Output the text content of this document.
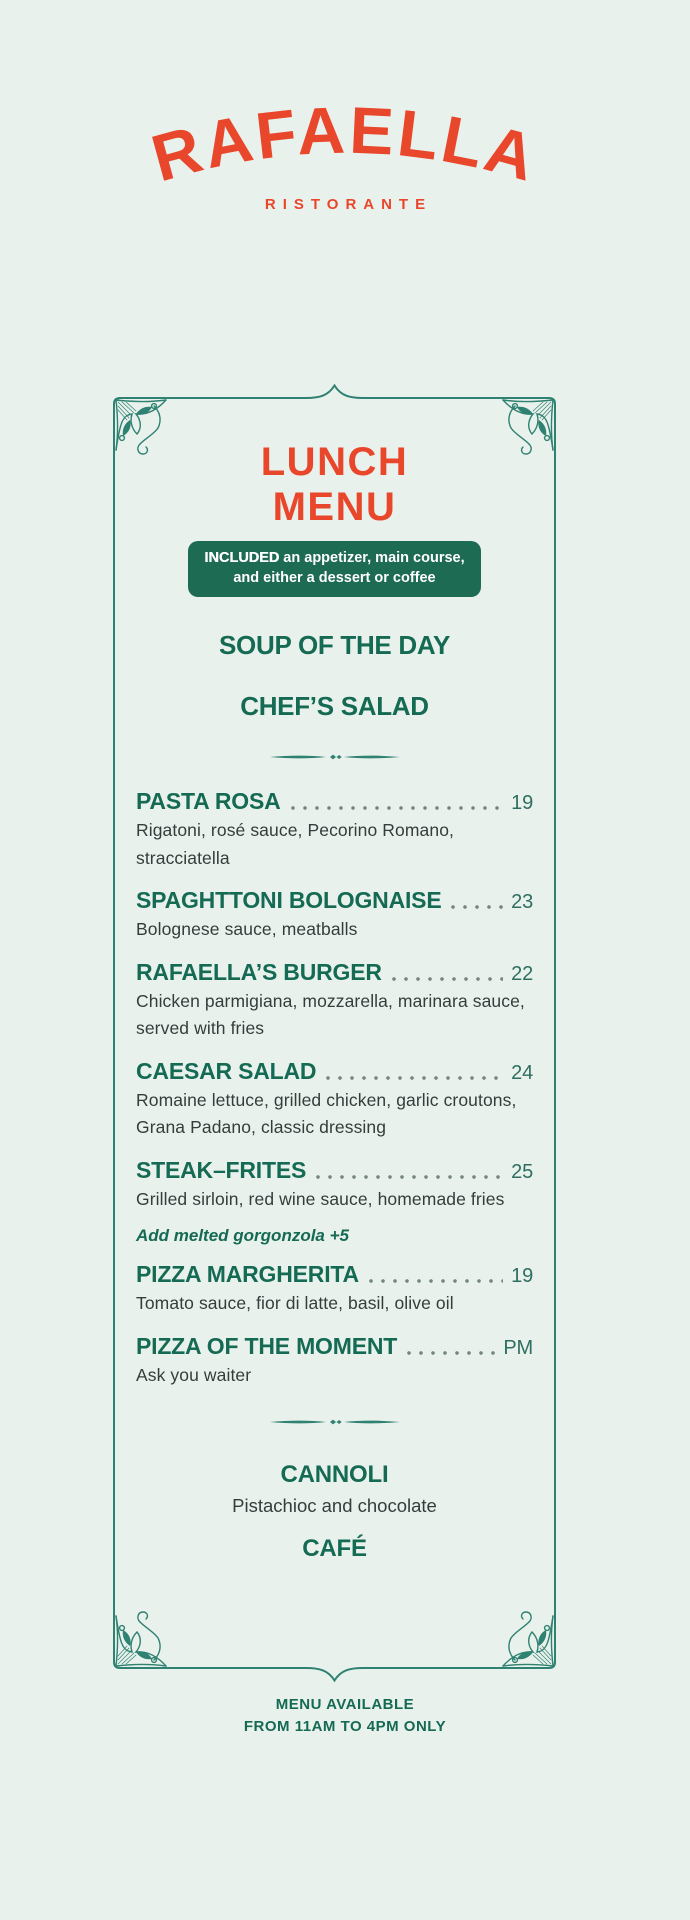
RAFAELLA
RISTORANTE
LUNCH
MENU
INCLUDED an appetizer, main course,
and either a dessert or coffee
SOUP OF THE DAY
CHEF’S SALAD
PASTA ROSA	19
Rigatoni, rosé sauce, Pecorino Romano, stracciatella
SPAGHTTONI BOLOGNAISE	23
Bolognese sauce, meatballs
RAFAELLA’S BURGER	22
Chicken parmigiana, mozzarella, marinara sauce, served with fries
CAESAR SALAD	24
Romaine lettuce, grilled chicken, garlic croutons, Grana Padano, classic dressing
STEAK–FRITES	25
Grilled sirloin, red wine sauce, homemade fries
Add melted gorgonzola +5
PIZZA MARGHERITA	19
Tomato sauce, fior di latte, basil, olive oil
PIZZA OF THE MOMENT	PM
Ask you waiter
CANNOLI
Pistachioc and chocolate
CAFÉ
MENU AVAILABLE
FROM 11AM TO 4PM ONLY
